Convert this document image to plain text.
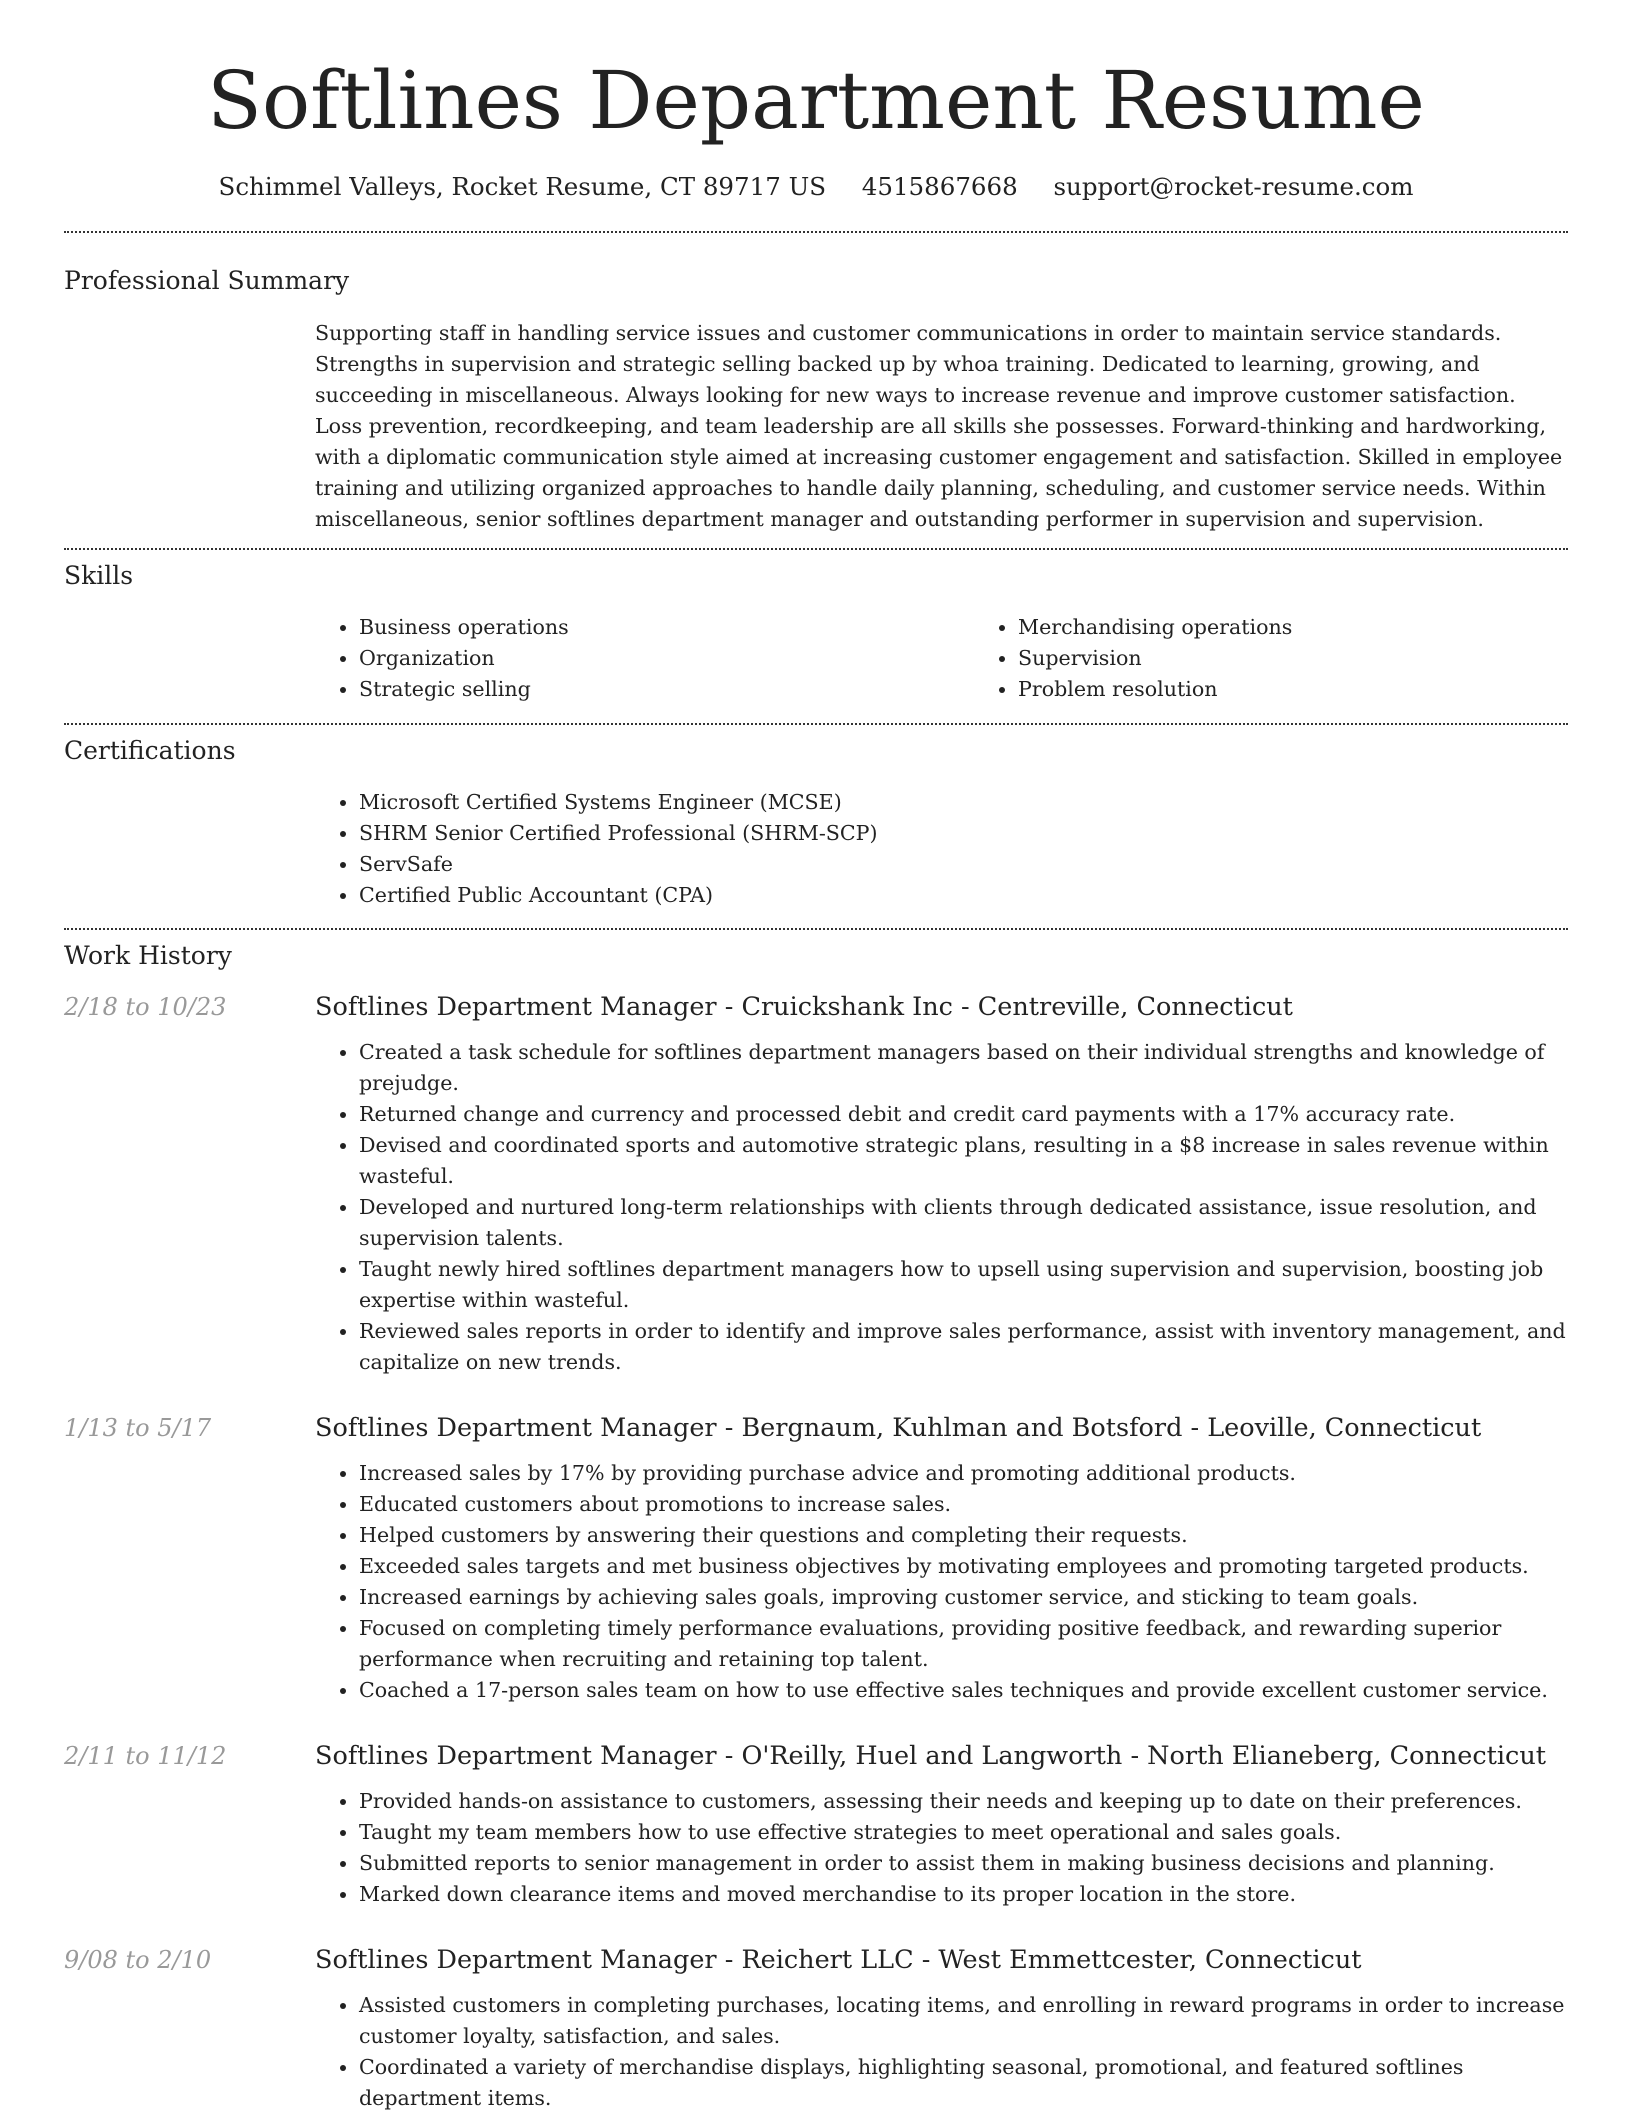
Softlines Department Resume
Schimmel Valleys, Rocket Resume, CT 89717 US 4515867668 support@rocket-resume.com
Professional Summary
Supporting staff in handling service issues and customer communications in order to maintain service standards. Strengths in supervision and strategic selling backed up by whoa training. Dedicated to learning, growing, and succeeding in miscellaneous. Always looking for new ways to increase revenue and improve customer satisfaction. Loss prevention, recordkeeping, and team leadership are all skills she possesses. Forward-thinking and hardworking, with a diplomatic communication style aimed at increasing customer engagement and satisfaction. Skilled in employee training and utilizing organized approaches to handle daily planning, scheduling, and customer service needs. Within miscellaneous, senior softlines department manager and outstanding performer in supervision and supervision.
Skills
• Business operations
• Organization
• Strategic selling
• Merchandising operations
• Supervision
• Problem resolution
Certifications
• Microsoft Certified Systems Engineer (MCSE)
• SHRM Senior Certified Professional (SHRM-SCP)
• ServSafe
• Certified Public Accountant (CPA)
Work History
2/18 to 10/23	Softlines Department Manager - Cruickshank Inc - Centreville, Connecticut
• Created a task schedule for softlines department managers based on their individual strengths and knowledge of prejudge.
• Returned change and currency and processed debit and credit card payments with a 17% accuracy rate.
• Devised and coordinated sports and automotive strategic plans, resulting in a $8 increase in sales revenue within wasteful.
• Developed and nurtured long-term relationships with clients through dedicated assistance, issue resolution, and supervision talents.
• Taught newly hired softlines department managers how to upsell using supervision and supervision, boosting job expertise within wasteful.
• Reviewed sales reports in order to identify and improve sales performance, assist with inventory management, and capitalize on new trends.
1/13 to 5/17	Softlines Department Manager - Bergnaum, Kuhlman and Botsford - Leoville, Connecticut
• Increased sales by 17% by providing purchase advice and promoting additional products.
• Educated customers about promotions to increase sales.
• Helped customers by answering their questions and completing their requests.
• Exceeded sales targets and met business objectives by motivating employees and promoting targeted products.
• Increased earnings by achieving sales goals, improving customer service, and sticking to team goals.
• Focused on completing timely performance evaluations, providing positive feedback, and rewarding superior performance when recruiting and retaining top talent.
• Coached a 17-person sales team on how to use effective sales techniques and provide excellent customer service.
2/11 to 11/12	Softlines Department Manager - O'Reilly, Huel and Langworth - North Elianeberg, Connecticut
• Provided hands-on assistance to customers, assessing their needs and keeping up to date on their preferences.
• Taught my team members how to use effective strategies to meet operational and sales goals.
• Submitted reports to senior management in order to assist them in making business decisions and planning.
• Marked down clearance items and moved merchandise to its proper location in the store.
9/08 to 2/10	Softlines Department Manager - Reichert LLC - West Emmettcester, Connecticut
• Assisted customers in completing purchases, locating items, and enrolling in reward programs in order to increase customer loyalty, satisfaction, and sales.
• Coordinated a variety of merchandise displays, highlighting seasonal, promotional, and featured softlines department items.
